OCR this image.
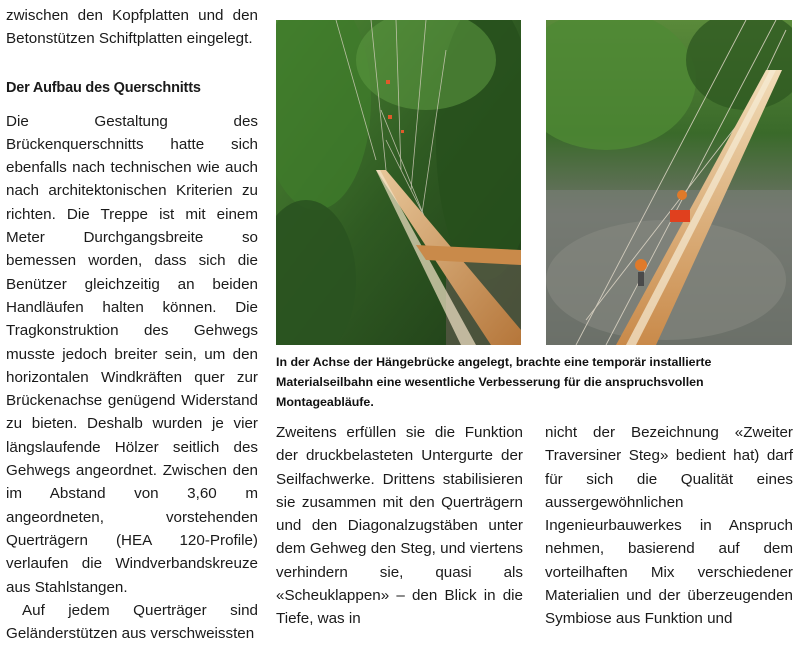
zwischen den Kopfplatten und den Betonstützen Schiftplatten eingelegt.

Der Aufbau des Querschnitts

Die Gestaltung des Brückenquerschnitts hatte sich ebenfalls nach technischen wie auch nach architektonischen Kriterien zu richten. Die Treppe ist mit einem Meter Durchgangsbreite so bemessen worden, dass sich die Benützer gleichzeitig an beiden Handläufen halten können. Die Tragkonstruktion des Gehwegs musste jedoch breiter sein, um den horizontalen Windkräften quer zur Brückenachse genügend Widerstand zu bieten. Deshalb wurden je vier längslaufende Hölzer seitlich des Gehwegs angeordnet. Zwischen den im Abstand von 3,60 m angeordneten, vorstehenden Querträgern (HEA 120-Profile) verlaufen die Windverbandskreuze aus Stahlstangen.

Auf jedem Querträger sind Geländerstützen aus verschweissten

In der Achse der Hängebrücke angelegt, brachte eine temporär installierte Materialseilbahn eine wesentliche Verbesserung für die anspruchsvollen Montageabläufe.

Zweitens erfüllen sie die Funktion der druckbelasteten Untergurte der Seilfachwerke. Drittens stabilisieren sie zusammen mit den Querträgern und den Diagonalzugstäben unter dem Gehweg den Steg, und viertens verhindern sie, quasi als «Scheuklappen» – den Blick in die Tiefe, was in

nicht der Bezeichnung «Zweiter Traversiner Steg» bedient hat) darf für sich die Qualität eines aussergewöhnlichen Ingenieurbauwerkes in Anspruch nehmen, basierend auf dem vorteilhaften Mix verschiedener Materialien und der überzeugenden Symbiose aus Funktion und
